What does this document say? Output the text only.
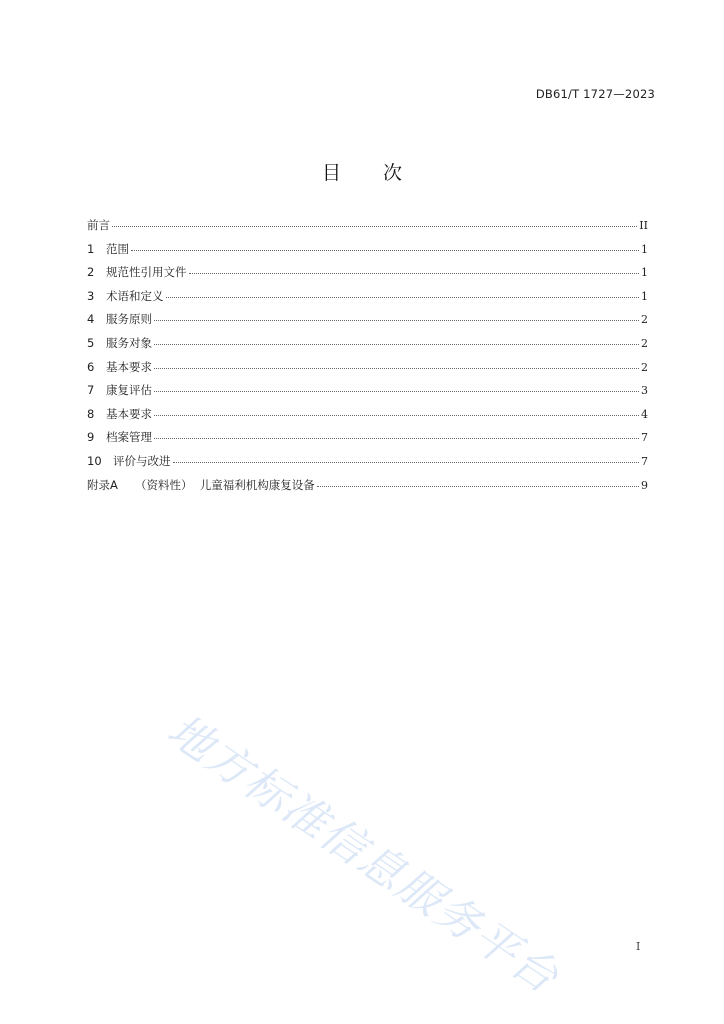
DB61/T 1727—2023
目 次
前言	II
1	范围	1
2	规范性引用文件	1
3	术语和定义	1
4	服务原则	2
5	服务对象	2
6	基本要求	2
7	康复评估	3
8	基本要求	4
9	档案管理	7
10 评价与改进	7
附录A	（资料性）  儿童福利机构康复设备	9
地方标准信息服务平台	I
